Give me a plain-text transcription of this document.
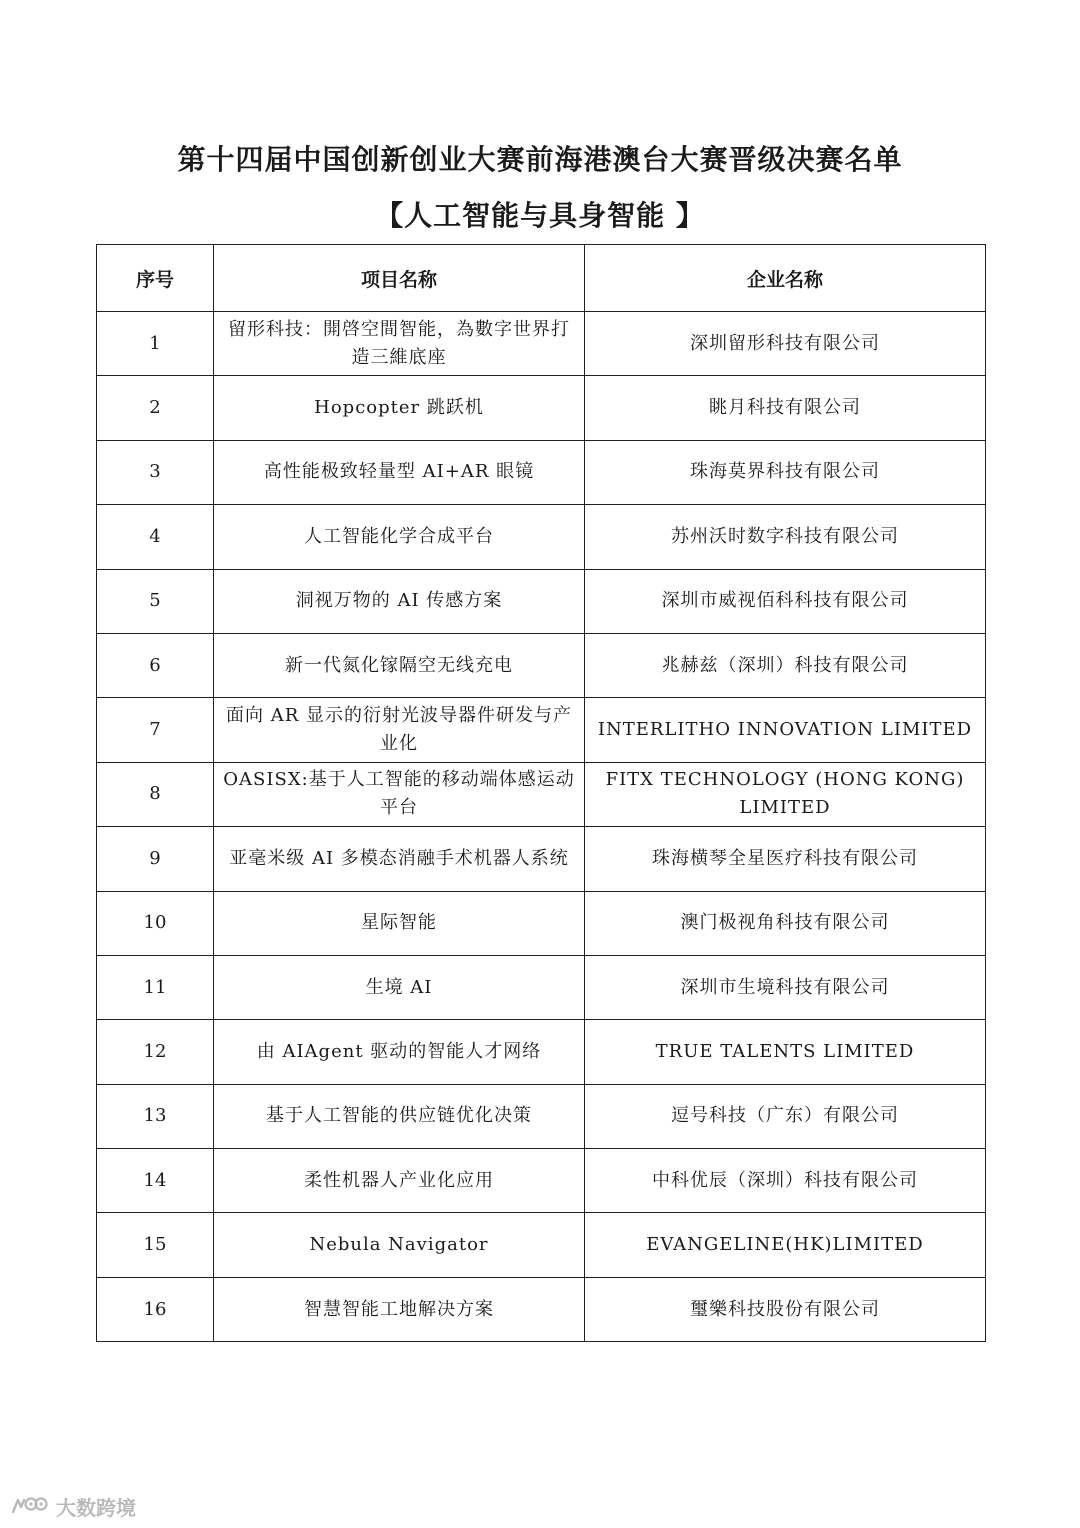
第十四届中国创新创业大赛前海港澳台大赛晋级决赛名单
【人工智能与具身智能 】
序号	项目名称	企业名称
1	留形科技：開啓空間智能，為數字世界打造三維底座	深圳留形科技有限公司
2	Hopcopter 跳跃机	眺月科技有限公司
3	高性能极致轻量型 AI+AR 眼镜	珠海莫界科技有限公司
4	人工智能化学合成平台	苏州沃时数字科技有限公司
5	洞视万物的 AI 传感方案	深圳市威视佰科科技有限公司
6	新一代氮化镓隔空无线充电	兆赫兹（深圳）科技有限公司
7	面向 AR 显示的衍射光波导器件研发与产业化	INTERLITHO INNOVATION LIMITED
8	OASISX:基于人工智能的移动端体感运动平台	FITX TECHNOLOGY (HONG KONG) LIMITED
9	亚毫米级 AI 多模态消融手术机器人系统	珠海横琴全星医疗科技有限公司
10	星际智能	澳门极视角科技有限公司
11	生境 AI	深圳市生境科技有限公司
12	由 AIAgent 驱动的智能人才网络	TRUE TALENTS LIMITED
13	基于人工智能的供应链优化决策	逗号科技（广东）有限公司
14	柔性机器人产业化应用	中科优辰（深圳）科技有限公司
15	Nebula Navigator	EVANGELINE(HK)LIMITED
16	智慧智能工地解决方案	璽樂科技股份有限公司
大数跨境
